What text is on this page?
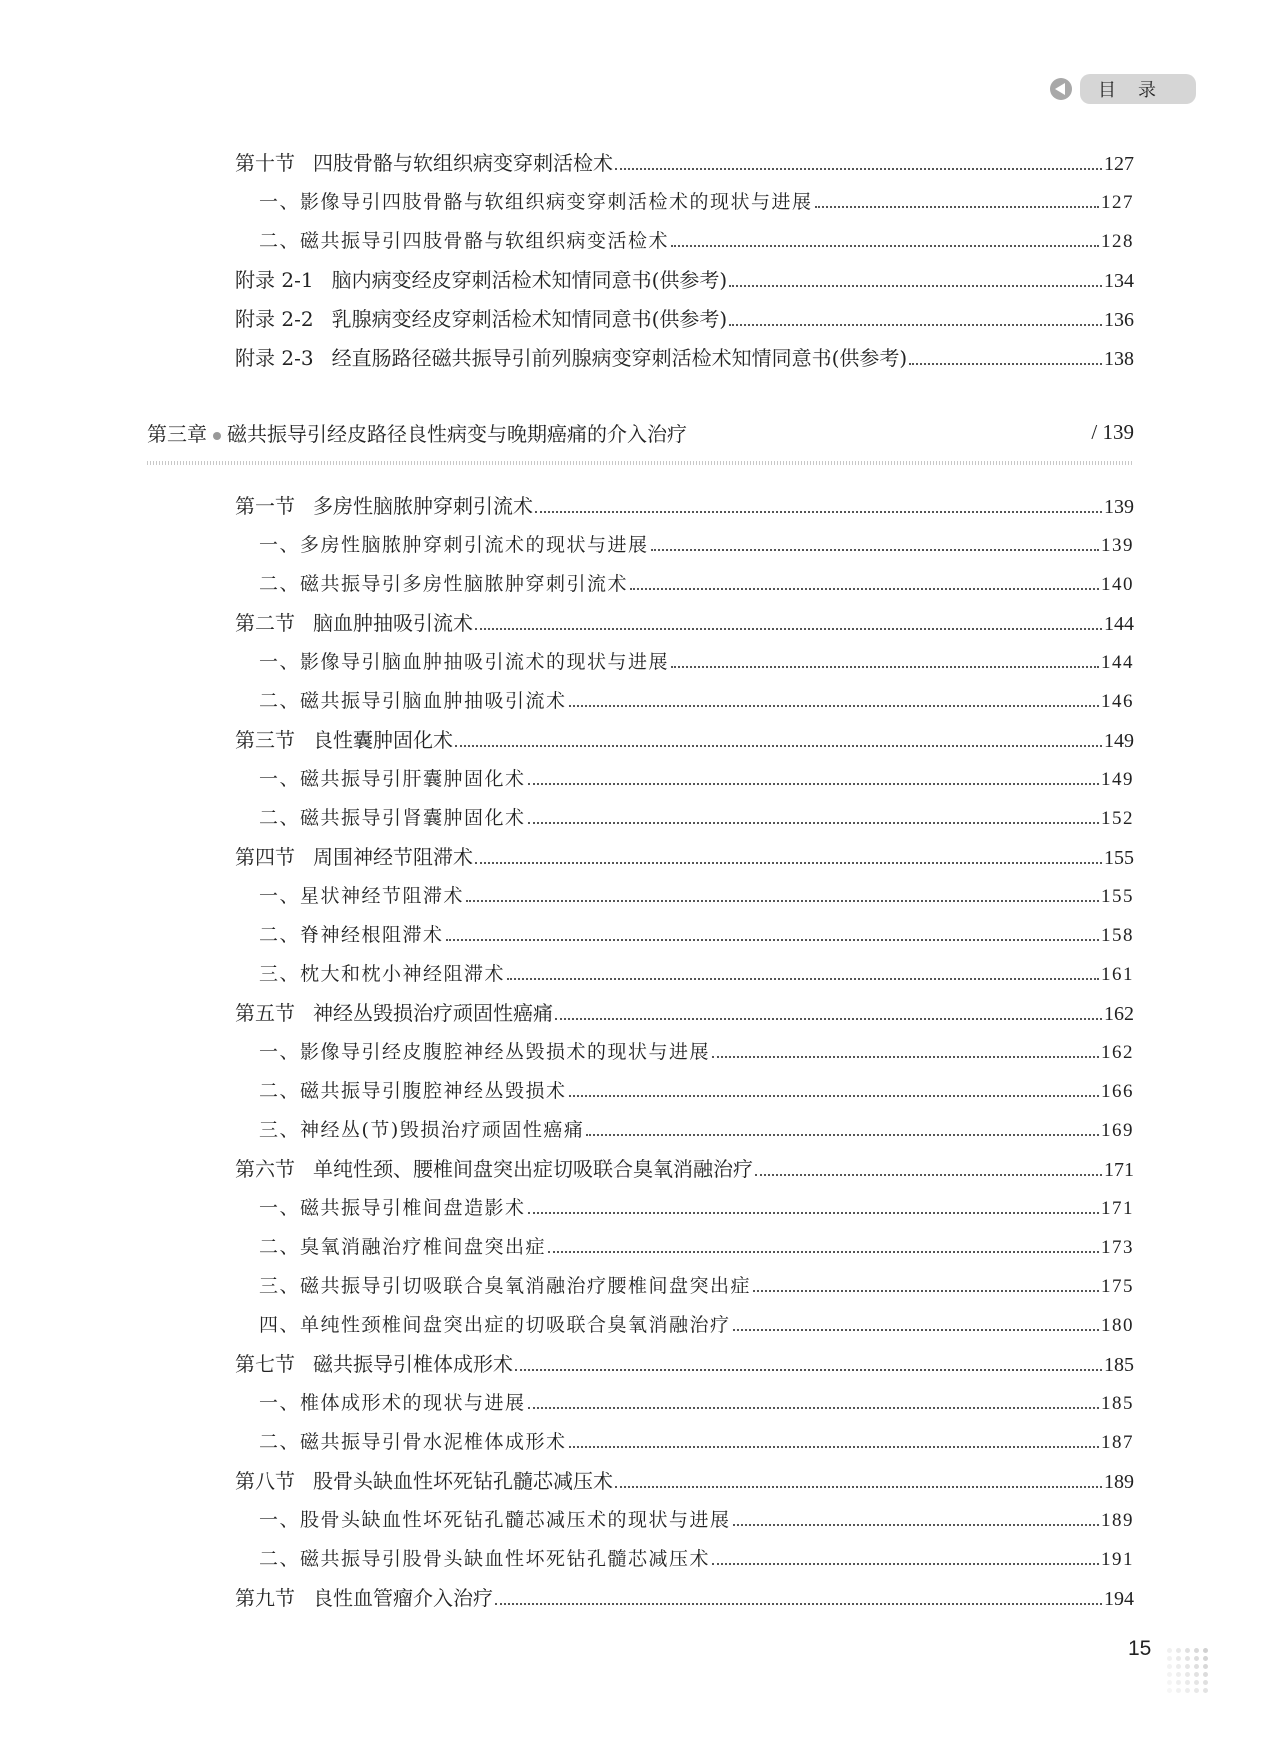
目录
第十节 四肢骨骼与软组织病变穿刺活检术	127
一、影像导引四肢骨骼与软组织病变穿刺活检术的现状与进展	127
二、磁共振导引四肢骨骼与软组织病变活检术	128
附录 2-1 脑内病变经皮穿刺活检术知情同意书(供参考)	134
附录 2-2 乳腺病变经皮穿刺活检术知情同意书(供参考)	136
附录 2-3 经直肠路径磁共振导引前列腺病变穿刺活检术知情同意书(供参考)	138
第三章 磁共振导引经皮路径良性病变与晚期癌痛的介入治疗	/ 139
第一节 多房性脑脓肿穿刺引流术	139
一、多房性脑脓肿穿刺引流术的现状与进展	139
二、磁共振导引多房性脑脓肿穿刺引流术	140
第二节 脑血肿抽吸引流术	144
一、影像导引脑血肿抽吸引流术的现状与进展	144
二、磁共振导引脑血肿抽吸引流术	146
第三节 良性囊肿固化术	149
一、磁共振导引肝囊肿固化术	149
二、磁共振导引肾囊肿固化术	152
第四节 周围神经节阻滞术	155
一、星状神经节阻滞术	155
二、脊神经根阻滞术	158
三、枕大和枕小神经阻滞术	161
第五节 神经丛毁损治疗顽固性癌痛	162
一、影像导引经皮腹腔神经丛毁损术的现状与进展	162
二、磁共振导引腹腔神经丛毁损术	166
三、神经丛(节)毁损治疗顽固性癌痛	169
第六节 单纯性颈、腰椎间盘突出症切吸联合臭氧消融治疗	171
一、磁共振导引椎间盘造影术	171
二、臭氧消融治疗椎间盘突出症	173
三、磁共振导引切吸联合臭氧消融治疗腰椎间盘突出症	175
四、单纯性颈椎间盘突出症的切吸联合臭氧消融治疗	180
第七节 磁共振导引椎体成形术	185
一、椎体成形术的现状与进展	185
二、磁共振导引骨水泥椎体成形术	187
第八节 股骨头缺血性坏死钻孔髓芯减压术	189
一、股骨头缺血性坏死钻孔髓芯减压术的现状与进展	189
二、磁共振导引股骨头缺血性坏死钻孔髓芯减压术	191
第九节 良性血管瘤介入治疗	194
15
